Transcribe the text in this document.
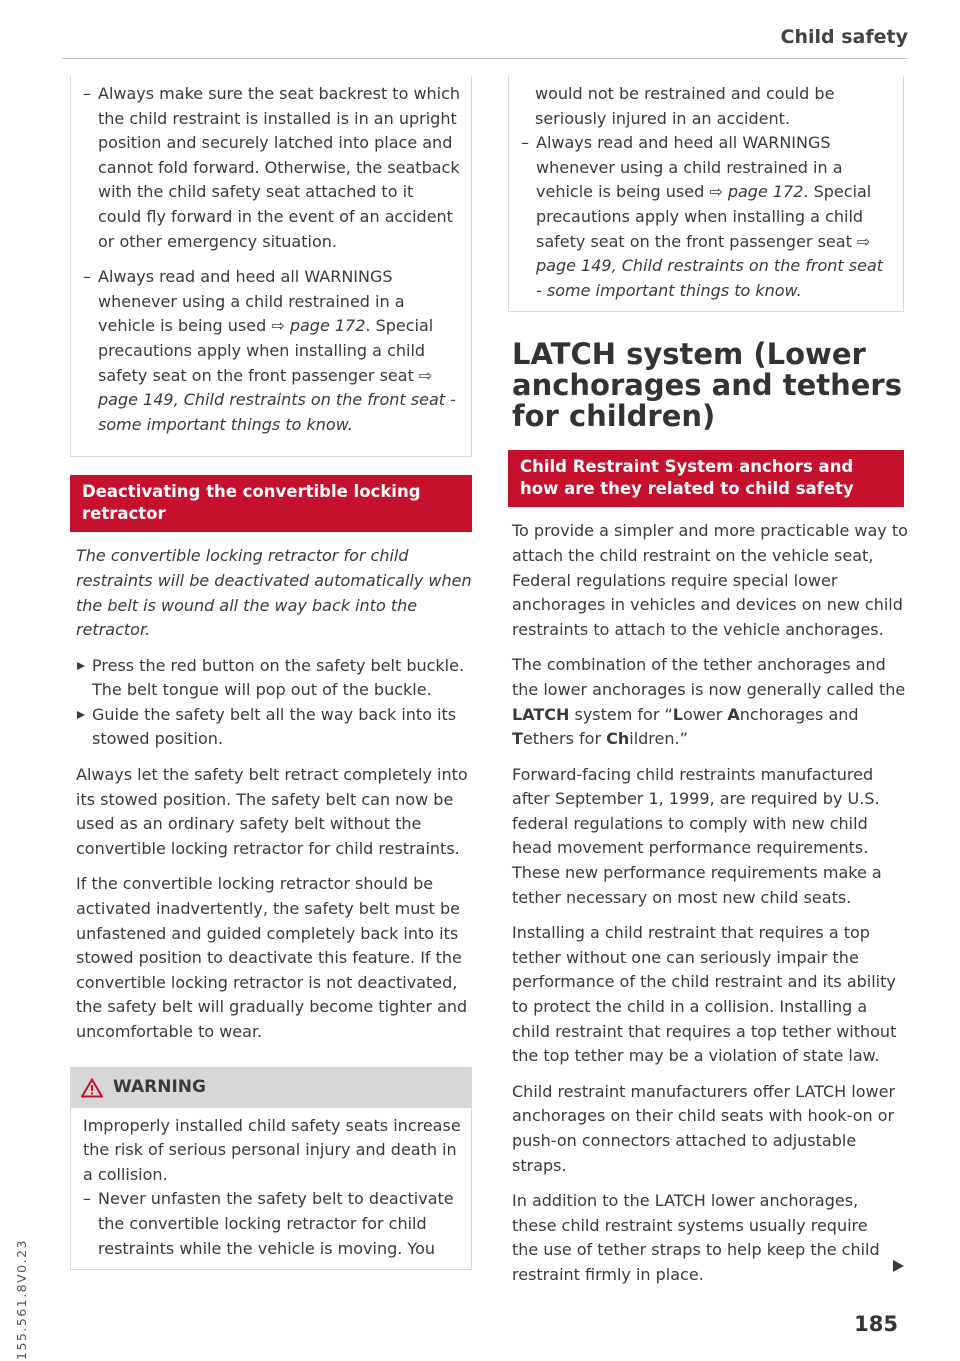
Child safety

– Always make sure the seat backrest to which the child restraint is installed is in an upright position and securely latched into place and cannot fold forward. Otherwise, the seatback with the child safety seat attached to it could fly forward in the event of an accident or other emergency situation.

– Always read and heed all WARNINGS whenever using a child restrained in a vehicle is being used ⇨ page 172. Special precautions apply when installing a child safety seat on the front passenger seat ⇨ page 149, Child restraints on the front seat - some important things to know.

Deactivating the convertible locking retractor

The convertible locking retractor for child restraints will be deactivated automatically when the belt is wound all the way back into the retractor.

Press the red button on the safety belt buckle. The belt tongue will pop out of the buckle.

Guide the safety belt all the way back into its stowed position.

Always let the safety belt retract completely into its stowed position. The safety belt can now be used as an ordinary safety belt without the convertible locking retractor for child restraints.

If the convertible locking retractor should be activated inadvertently, the safety belt must be unfastened and guided completely back into its stowed position to deactivate this feature. If the convertible locking retractor is not deactivated, the safety belt will gradually become tighter and uncomfortable to wear.

WARNING

Improperly installed child safety seats increase the risk of serious personal injury and death in a collision.

– Never unfasten the safety belt to deactivate the convertible locking retractor for child restraints while the vehicle is moving. You

would not be restrained and could be seriously injured in an accident.

– Always read and heed all WARNINGS whenever using a child restrained in a vehicle is being used ⇨ page 172. Special precautions apply when installing a child safety seat on the front passenger seat ⇨ page 149, Child restraints on the front seat - some important things to know.

LATCH system (Lower anchorages and tethers for children)
Child Restraint System anchors and how are they related to child safety

To provide a simpler and more practicable way to attach the child restraint on the vehicle seat, Federal regulations require special lower anchorages in vehicles and devices on new child restraints to attach to the vehicle anchorages.

The combination of the tether anchorages and the lower anchorages is now generally called the LATCH system for “Lower Anchorages and Tethers for Children.”

Forward-facing child restraints manufactured after September 1, 1999, are required by U.S. federal regulations to comply with new child head movement performance requirements. These new performance requirements make a tether necessary on most new child seats.

Installing a child restraint that requires a top tether without one can seriously impair the performance of the child restraint and its ability to protect the child in a collision. Installing a child restraint that requires a top tether without the top tether may be a violation of state law.

Child restraint manufacturers offer LATCH lower anchorages on their child seats with hook-on or push-on connectors attached to adjustable straps.

In addition to the LATCH lower anchorages, these child restraint systems usually require the use of tether straps to help keep the child restraint firmly in place.

155.561.8V0.23	185
